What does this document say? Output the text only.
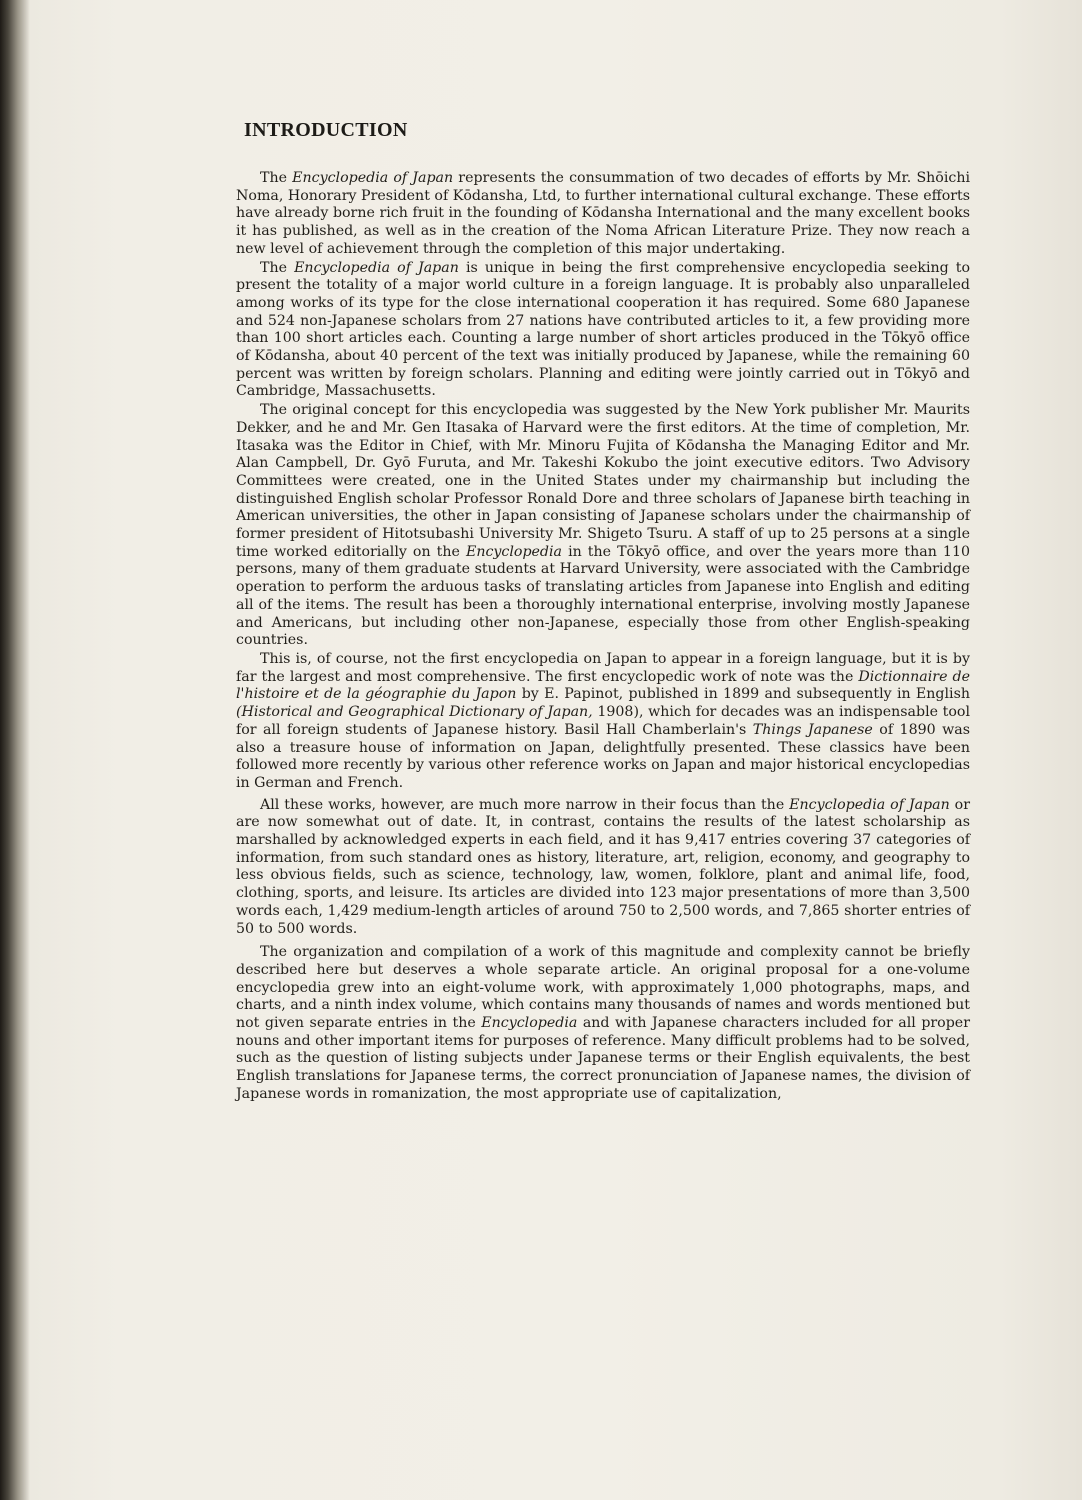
INTRODUCTION

The Encyclopedia of Japan represents the consummation of two decades of efforts by Mr. Shōichi Noma, Honorary President of Kōdansha, Ltd, to further international cultural exchange. These efforts have already borne rich fruit in the founding of Kōdansha International and the many excellent books it has published, as well as in the creation of the Noma African Literature Prize. They now reach a new level of achievement through the completion of this major undertaking.

The Encyclopedia of Japan is unique in being the first comprehensive encyclopedia seeking to present the totality of a major world culture in a foreign language. It is probably also unparalleled among works of its type for the close international cooperation it has required. Some 680 Japanese and 524 non-Japanese scholars from 27 nations have contributed articles to it, a few providing more than 100 short articles each. Counting a large number of short articles produced in the Tōkyō office of Kōdansha, about 40 percent of the text was initially produced by Japanese, while the remaining 60 percent was written by foreign scholars. Planning and editing were jointly carried out in Tōkyō and Cambridge, Massachusetts.

The original concept for this encyclopedia was suggested by the New York publisher Mr. Maurits Dekker, and he and Mr. Gen Itasaka of Harvard were the first editors. At the time of completion, Mr. Itasaka was the Editor in Chief, with Mr. Minoru Fujita of Kōdansha the Managing Editor and Mr. Alan Campbell, Dr. Gyō Furuta, and Mr. Takeshi Kokubo the joint executive editors. Two Advisory Committees were created, one in the United States under my chairmanship but including the distinguished English scholar Professor Ronald Dore and three scholars of Japanese birth teaching in American universities, the other in Japan consisting of Japanese scholars under the chairmanship of former president of Hitotsubashi University Mr. Shigeto Tsuru. A staff of up to 25 persons at a single time worked editorially on the Encyclopedia in the Tōkyō office, and over the years more than 110 persons, many of them graduate students at Harvard University, were associated with the Cambridge operation to perform the arduous tasks of translating articles from Japanese into English and editing all of the items. The result has been a thoroughly international enterprise, involving mostly Japanese and Americans, but including other non-Japanese, especially those from other English-speaking countries.

This is, of course, not the first encyclopedia on Japan to appear in a foreign language, but it is by far the largest and most comprehensive. The first encyclopedic work of note was the Dictionnaire de l'histoire et de la géographie du Japon by E. Papinot, published in 1899 and subsequently in English (Historical and Geographical Dictionary of Japan, 1908), which for decades was an indispensable tool for all foreign students of Japanese history. Basil Hall Chamberlain's Things Japanese of 1890 was also a treasure house of information on Japan, delightfully presented. These classics have been followed more recently by various other reference works on Japan and major historical encyclopedias in German and French.

All these works, however, are much more narrow in their focus than the Encyclopedia of Japan or are now somewhat out of date. It, in contrast, contains the results of the latest scholarship as marshalled by acknowledged experts in each field, and it has 9,417 entries covering 37 categories of information, from such standard ones as history, literature, art, religion, economy, and geography to less obvious fields, such as science, technology, law, women, folklore, plant and animal life, food, clothing, sports, and leisure. Its articles are divided into 123 major presentations of more than 3,500 words each, 1,429 medium-length articles of around 750 to 2,500 words, and 7,865 shorter entries of 50 to 500 words.

The organization and compilation of a work of this magnitude and complexity cannot be briefly described here but deserves a whole separate article. An original proposal for a one-volume encyclopedia grew into an eight-volume work, with approximately 1,000 photographs, maps, and charts, and a ninth index volume, which contains many thousands of names and words mentioned but not given separate entries in the Encyclopedia and with Japanese characters included for all proper nouns and other important items for purposes of reference. Many difficult problems had to be solved, such as the question of listing subjects under Japanese terms or their English equivalents, the best English translations for Japanese terms, the correct pronunciation of Japanese names, the division of Japanese words in romanization, the most appropriate use of capitalization,
